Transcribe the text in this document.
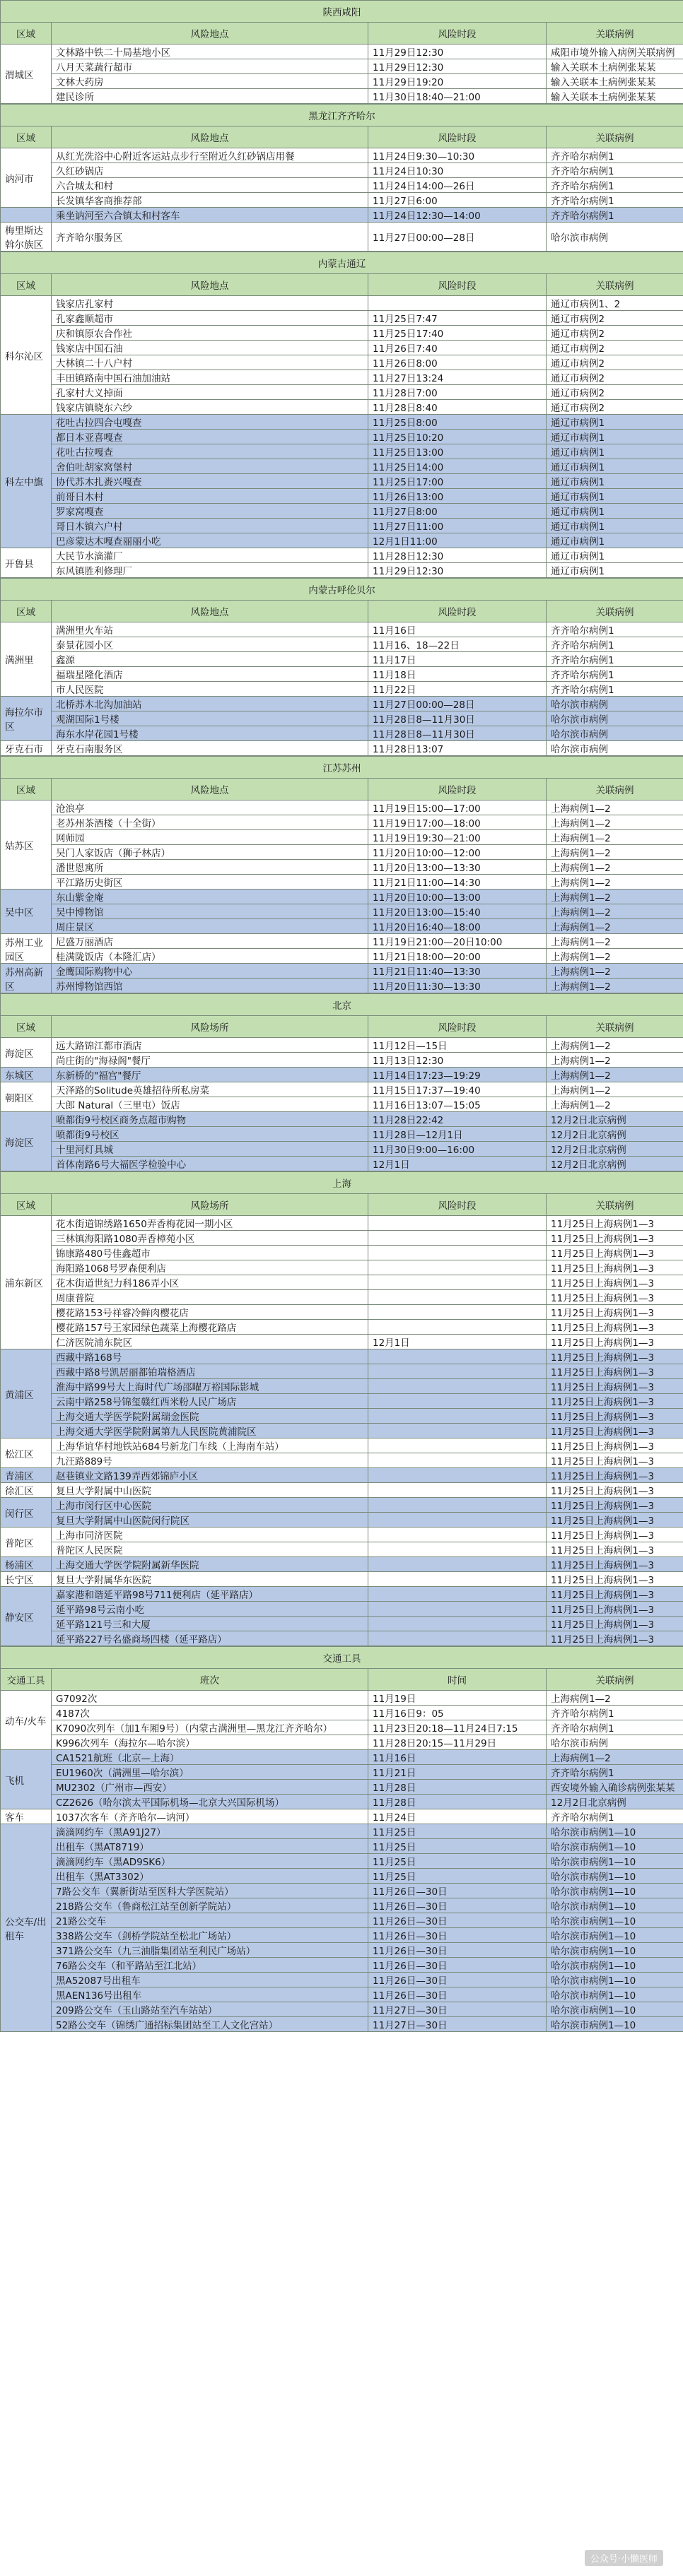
陕西咸阳			
区域	风险地点	风险时段	关联病例
渭城区	文林路中铁二十局基地小区	11月29日12:30	咸阳市境外输入病例关联病例
	八月天菜蔬行超市	11月29日12:30	输入关联本土病例张某某
	文林大药房	11月29日19:20	输入关联本土病例张某某
	建民诊所	11月30日18:40—21:00	输入关联本土病例张某某
黑龙江齐齐哈尔			
区域	风险地点	风险时段	关联病例
讷河市	从红光洗浴中心附近客运站点步行至附近久红砂锅店用餐	11月24日9:30—10:30	齐齐哈尔病例1
	久红砂锅店	11月24日10:30	齐齐哈尔病例1
	六合城太和村	11月24日14:00—26日	齐齐哈尔病例1
	长发镇华客商推荐部	11月27日6:00	齐齐哈尔病例1
	乘坐讷河至六合镇太和村客车	11月24日12:30—14:00	齐齐哈尔病例1
梅里斯达斡尔族区	齐齐哈尔服务区	11月27日00:00—28日	哈尔滨市病例
内蒙古通辽			
区域	风险地点	风险时段	关联病例
科尔沁区	钱家店孔家村		通辽市病例1、2
	孔家鑫顺超市	11月25日7:47	通辽市病例2
	庆和镇原农合作社	11月25日17:40	通辽市病例2
	钱家店中国石油	11月26日7:40	通辽市病例2
	大林镇二十八户村	11月26日8:00	通辽市病例2
	丰田镇路南中国石油加油站	11月27日13:24	通辽市病例2
	孔家村大义掉面	11月28日7:00	通辽市病例2
	钱家店镇晓东六纱	11月28日8:40	通辽市病例2
科左中旗	花吐古拉四合屯嘎查	11月25日8:00	通辽市病例1
	都日本亚喜嘎查	11月25日10:20	通辽市病例1
	花吐古拉嘎查	11月25日13:00	通辽市病例1
	舍伯吐胡家窝堡村	11月25日14:00	通辽市病例1
	协代苏木扎赉兴嘎查	11月25日17:00	通辽市病例1
	前哥日木村	11月26日13:00	通辽市病例1
	罗家窝嘎查	11月27日8:00	通辽市病例1
	哥日木镇六户村	11月27日11:00	通辽市病例1
	巴彦蒙达木嘎查丽丽小吃	12月1日11:00	通辽市病例1
开鲁县	大民节水滴灌厂	11月28日12:30	通辽市病例1
	东风镇胜利修理厂	11月29日12:30	通辽市病例1
内蒙古呼伦贝尔			
区域	风险地点	风险时段	关联病例
满洲里	满洲里火车站	11月16日	齐齐哈尔病例1
	泰景花园小区	11月16、18—22日	齐齐哈尔病例1
	鑫源	11月17日	齐齐哈尔病例1
	福瑞星隆化酒店	11月18日	齐齐哈尔病例1
	市人民医院	11月22日	齐齐哈尔病例1
海拉尔市区	北桥苏木北沟加油站	11月27日00:00—28日	哈尔滨市病例
	观湖国际1号楼	11月28日8—11月30日	哈尔滨市病例
	海东水岸花园1号楼	11月28日8—11月30日	哈尔滨市病例
牙克石市	牙克石南服务区	11月28日13:07	哈尔滨市病例
江苏苏州			
区域	风险地点	风险时段	关联病例
姑苏区	沧浪亭	11月19日15:00—17:00	上海病例1—2
	老苏州茶酒楼（十全街）	11月19日17:00—18:00	上海病例1—2
	网师园	11月19日19:30—21:00	上海病例1—2
	吴门人家饭店（狮子林店）	11月20日10:00—12:00	上海病例1—2
	潘世恩寓所	11月20日13:00—13:30	上海病例1—2
	平江路历史街区	11月21日11:00—14:30	上海病例1—2
吴中区	东山紫金庵	11月20日10:00—13:00	上海病例1—2
	吴中博物馆	11月20日13:00—15:40	上海病例1—2
	周庄景区	11月20日16:40—18:00	上海病例1—2
苏州工业园区	尼盛万丽酒店	11月19日21:00—20日10:00	上海病例1—2
	桂满陇饭店（本隆汇店）	11月21日18:00—20:00	上海病例1—2
苏州高新区	金鹰国际购物中心	11月21日11:40—13:30	上海病例1—2
	苏州博物馆西馆	11月20日11:30—13:30	上海病例1—2
北京			
区域	风险场所	风险时段	关联病例
海淀区	远大路锦江都市酒店	11月12日—15日	上海病例1—2
	尚庄街的"海禄阁"餐厅	11月13日12:30	上海病例1—2
东城区	东新桥的"福宫"餐厅	11月14日17:23—19:29	上海病例1—2
朝阳区	天泽路的Solitude英雄招待所私房菜	11月15日17:37—19:40	上海病例1—2
	大郎 Natural（三里屯）饭店	11月16日13:07—15:05	上海病例1—2
海淀区	喷都街9号校区商务点超市购物	11月28日22:42	12月2日北京病例
	喷都街9号校区	11月28日—12月1日	12月2日北京病例
	十里河灯具城	11月30日9:00—16:00	12月2日北京病例
	首体南路6号大福医学检验中心	12月1日	12月2日北京病例
上海			
区域	风险场所	风险时段	关联病例
浦东新区	花木街道锦绣路1650弄香梅花园一期小区		11月25日上海病例1—3
	三林镇海阳路1080弄香樟苑小区		11月25日上海病例1—3
	锦康路480号佳鑫超市		11月25日上海病例1—3
	海阳路1068号罗森便利店		11月25日上海病例1—3
	花木街道世纪力科186弄小区		11月25日上海病例1—3
	周康普院		11月25日上海病例1—3
	樱花路153号祥睿冷鲜肉樱花店		11月25日上海病例1—3
	樱花路157号王家园绿色蔬菜上海樱花路店		11月25日上海病例1—3
	仁济医院浦东院区	12月1日	11月25日上海病例1—3
黄浦区	西藏中路168号		11月25日上海病例1—3
	西藏中路8号凯居丽都铂瑞格酒店		11月25日上海病例1—3
	淮海中路99号大上海时代广场邵曜万裕国际影城		11月25日上海病例1—3
	云南中路258号锦玺赣红西米粉人民广场店		11月25日上海病例1—3
	上海交通大学医学院附属瑞金医院		11月25日上海病例1—3
	上海交通大学医学院附属第九人民医院黄浦院区		11月25日上海病例1—3
松江区	上海华谊华村地铁站684号新龙门车线（上海南车站）		11月25日上海病例1—3
	九汪路889号		11月25日上海病例1—3
青浦区	赵巷镇业文路139弄西郊锦庐小区		11月25日上海病例1—3
徐汇区	复旦大学附属中山医院		11月25日上海病例1—3
闵行区	上海市闵行区中心医院		11月25日上海病例1—3
	复旦大学附属中山医院闵行院区		11月25日上海病例1—3
普陀区	上海市同济医院		11月25日上海病例1—3
	普陀区人民医院		11月25日上海病例1—3
杨浦区	上海交通大学医学院附属新华医院		11月25日上海病例1—3
长宁区	复旦大学附属华东医院		11月25日上海病例1—3
静安区	嘉家港和谐延平路98号711便利店（延平路店）		11月25日上海病例1—3
	延平路98号云南小吃		11月25日上海病例1—3
	延平路121号三和大厦		11月25日上海病例1—3
	延平路227号名盛商场四楼（延平路店）		11月25日上海病例1—3
交通工具			
交通工具	班次	时间	关联病例
动车/火车	G7092次	11月19日	上海病例1—2
	4187次	11月16日9：05	齐齐哈尔病例1
	K7090次列车（加1车厢9号）（内蒙古满洲里—黑龙江齐齐哈尔）	11月23日20:18—11月24日7:15	齐齐哈尔病例1
	K996次列车（海拉尔—哈尔滨）	11月28日20:15—11月29日	哈尔滨市病例
飞机	CA1521航班（北京—上海）	11月16日	上海病例1—2
	EU1960次（满洲里—哈尔滨）	11月21日	齐齐哈尔病例1
	MU2302（广州市—西安）	11月28日	西安境外输入确诊病例张某某
	CZ2626（哈尔滨太平国际机场—北京大兴国际机场）	11月28日	12月2日北京病例
客车	1037次客车（齐齐哈尔—讷河）	11月24日	齐齐哈尔病例1
公交车/出租车	滴滴网约车（黑A91J27）	11月25日	哈尔滨市病例1—10
	出租车（黑AT8719）	11月25日	哈尔滨市病例1—10
	滴滴网约车（黑AD9SK6）	11月25日	哈尔滨市病例1—10
	出租车（黑AT3302）	11月25日	哈尔滨市病例1—10
	7路公交车（翼新街站至医科大学医院站）	11月26日—30日	哈尔滨市病例1—10
	218路公交车（鲁商松江站至创新学院站）	11月26日—30日	哈尔滨市病例1—10
	21路公交车	11月26日—30日	哈尔滨市病例1—10
	338路公交车（剑桥学院站至松北广场站）	11月26日—30日	哈尔滨市病例1—10
	371路公交车（九三油脂集团站至利民广场站）	11月26日—30日	哈尔滨市病例1—10
	76路公交车（和平路站至江北站）	11月26日—30日	哈尔滨市病例1—10
	黑A52087号出租车	11月26日—30日	哈尔滨市病例1—10
	黑AEN136号出租车	11月26日—30日	哈尔滨市病例1—10
	209路公交车（玉山路站至汽车站站）	11月27日—30日	哈尔滨市病例1—10
	52路公交车（锦绣广通招标集团站至工人文化宫站）	11月27日—30日	哈尔滨市病例1—10
公众号·小懒医师
